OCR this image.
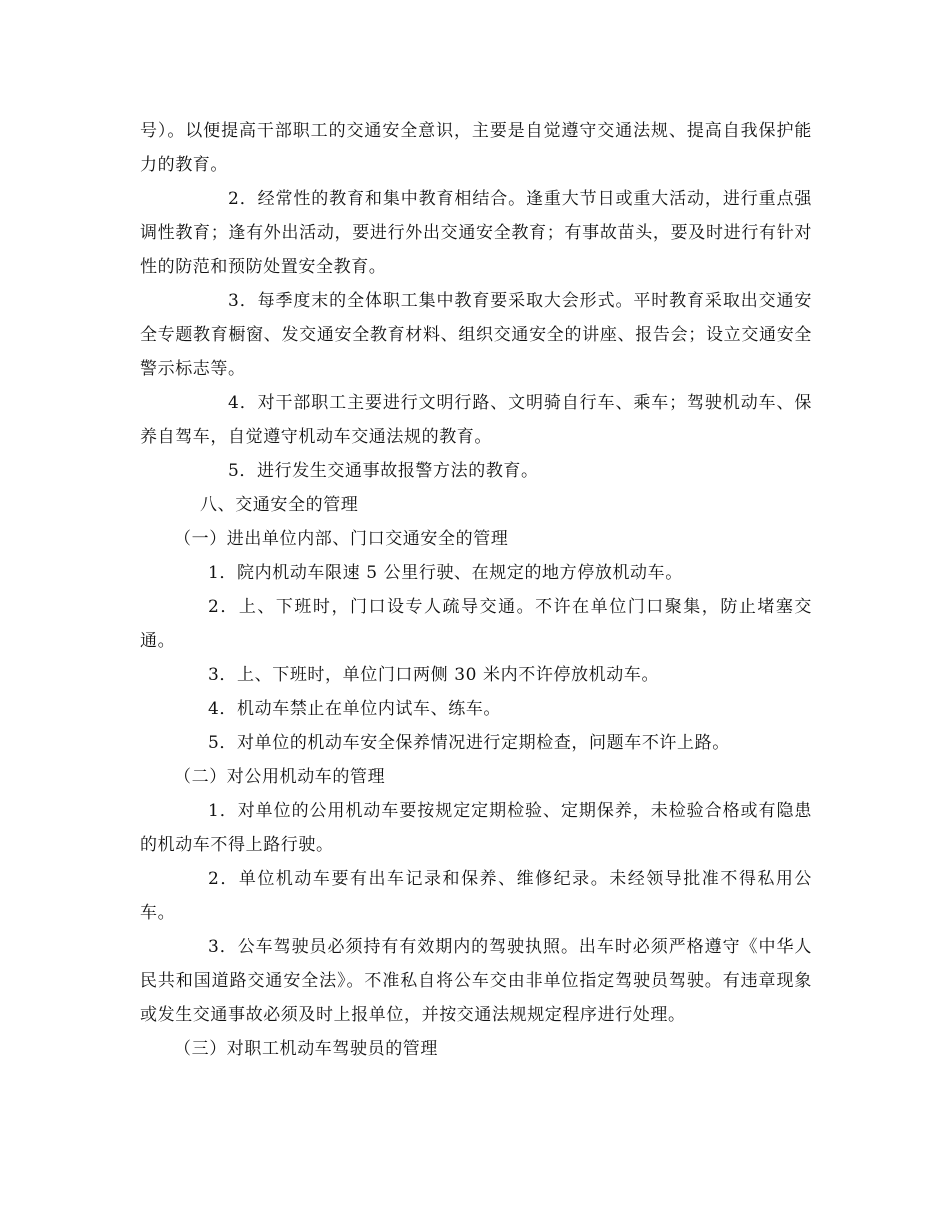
号）。以便提高干部职工的交通安全意识，主要是自觉遵守交通法规、提高自我保护能力的教育。

2．经常性的教育和集中教育相结合。逢重大节日或重大活动，进行重点强调性教育；逢有外出活动，要进行外出交通安全教育；有事故苗头，要及时进行有针对性的防范和预防处置安全教育。

3．每季度末的全体职工集中教育要采取大会形式。平时教育采取出交通安全专题教育橱窗、发交通安全教育材料、组织交通安全的讲座、报告会；设立交通安全警示标志等。

4．对干部职工主要进行文明行路、文明骑自行车、乘车；驾驶机动车、保养自驾车，自觉遵守机动车交通法规的教育。

5．进行发生交通事故报警方法的教育。

八、交通安全的管理

（一）进出单位内部、门口交通安全的管理

1．院内机动车限速 5 公里行驶、在规定的地方停放机动车。

2．上、下班时，门口设专人疏导交通。不许在单位门口聚集，防止堵塞交通。

3．上、下班时，单位门口两侧 30 米内不许停放机动车。

4．机动车禁止在单位内试车、练车。

5．对单位的机动车安全保养情况进行定期检查，问题车不许上路。

（二）对公用机动车的管理

1．对单位的公用机动车要按规定定期检验、定期保养，未检验合格或有隐患的机动车不得上路行驶。

2．单位机动车要有出车记录和保养、维修纪录。未经领导批准不得私用公车。

3．公车驾驶员必须持有有效期内的驾驶执照。出车时必须严格遵守《中华人民共和国道路交通安全法》。不准私自将公车交由非单位指定驾驶员驾驶。有违章现象或发生交通事故必须及时上报单位，并按交通法规规定程序进行处理。

（三）对职工机动车驾驶员的管理
